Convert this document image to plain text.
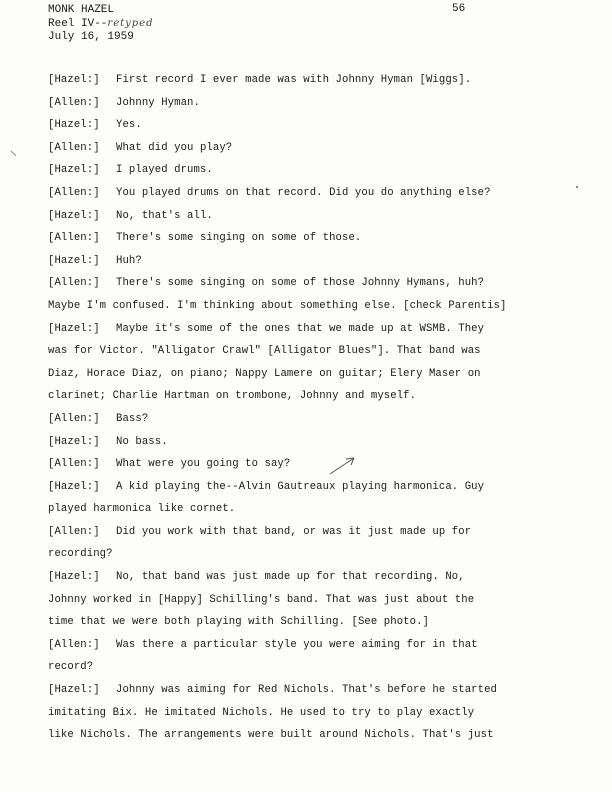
MONK HAZEL
Reel IV--retyped
July 16, 1959
56
[Hazel:] First record I ever made was with Johnny Hyman [Wiggs].
[Allen:] Johnny Hyman.
[Hazel:] Yes.
[Allen:] What did you play?
[Hazel:] I played drums.
[Allen:] You played drums on that record. Did you do anything else?
[Hazel:] No, that's all.
[Allen:] There's some singing on some of those.
[Hazel:] Huh?
[Allen:] There's some singing on some of those Johnny Hymans, huh?
Maybe I'm confused. I'm thinking about something else. [check Parentis]
[Hazel:] Maybe it's some of the ones that we made up at WSMB. They
was for Victor. "Alligator Crawl" [Alligator Blues"]. That band was
Diaz, Horace Diaz, on piano; Nappy Lamere on guitar; Elery Maser on
clarinet; Charlie Hartman on trombone, Johnny and myself.
[Allen:] Bass?
[Hazel:] No bass.
[Allen:] What were you going to say?
[Hazel:] A kid playing the--Alvin Gautreaux playing harmonica. Guy
played harmonica like cornet.
[Allen:] Did you work with that band, or was it just made up for
recording?
[Hazel:] No, that band was just made up for that recording. No,
Johnny worked in [Happy] Schilling's band. That was just about the
time that we were both playing with Schilling. [See photo.]
[Allen:] Was there a particular style you were aiming for in that
record?
[Hazel:] Johnny was aiming for Red Nichols. That's before he started
imitating Bix. He imitated Nichols. He used to try to play exactly
like Nichols. The arrangements were built around Nichols. That's just
